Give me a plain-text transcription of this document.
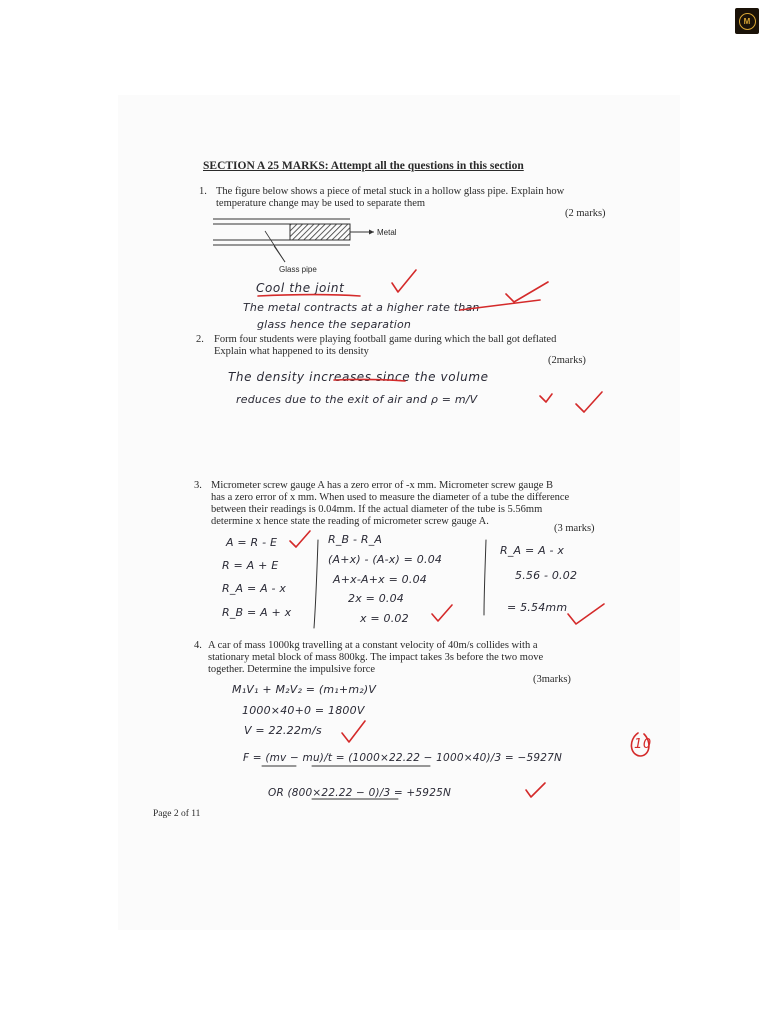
M
SECTION A 25 MARKS: Attempt all the questions in this section
1. The figure below shows a piece of metal stuck in a hollow glass pipe. Explain how
temperature change may be used to separate them
(2 marks)
Metal
Glass pipe
Cool the joint
The metal contracts at a higher rate than
glass hence the separation
2. Form four students were playing football game during which the ball got deflated
Explain what happened to its density
(2marks)
The density increases since the volume
reduces due to the exit of air and ρ = m/V
3. Micrometer screw gauge A has a zero error of -x mm. Micrometer screw gauge B
has a zero error of x mm. When used to measure the diameter of a tube the difference
between their readings is 0.04mm. If the actual diameter of the tube is 5.56mm
determine x hence state the reading of micrometer screw gauge A.
(3 marks)
A = R - E
R = A + E
R_A = A - x
R_B = A + x
R_B - R_A
(A+x) - (A-x) = 0.04
A+x-A+x = 0.04
2x = 0.04
x = 0.02
R_A = A - x
5.56 - 0.02
= 5.54mm
4. A car of mass 1000kg travelling at a constant velocity of 40m/s collides with a
stationary metal block of mass 800kg. The impact takes 3s before the two move
together. Determine the impulsive force
(3marks)
M₁V₁ + M₂V₂ = (m₁+m₂)V
1000×40+0 = 1800V
V = 22.22m/s
F = (mv − mu)/t = (1000×22.22 − 1000×40)/3 = −5927N
OR (800×22.22 − 0)/3 = +5925N
10
Page 2 of 11
